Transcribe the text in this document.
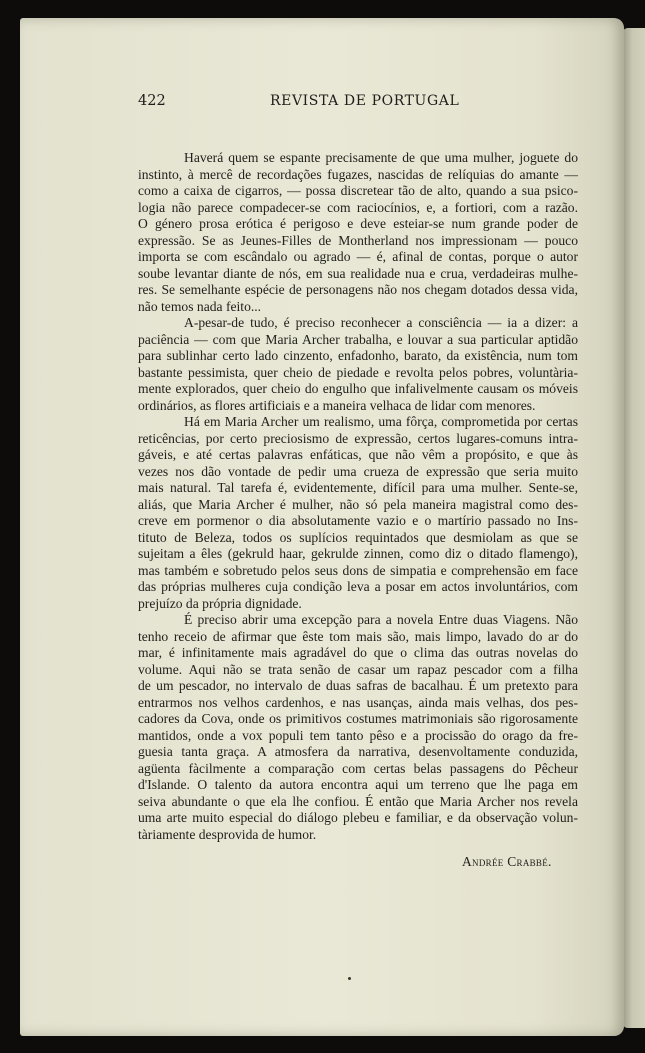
422	REVISTA DE PORTUGAL

Haverá quem se espante precisamente de que uma mulher, joguete do
instinto, à mercê de recordações fugazes, nascidas de relíquias do amante —
como a caixa de cigarros, — possa discretear tão de alto, quando a sua psico-
logia não parece compadecer-se com raciocínios, e, a fortiori, com a razão.
O género prosa erótica é perigoso e deve esteiar-se num grande poder de
expressão. Se as Jeunes-Filles de Montherland nos impressionam — pouco
importa se com escândalo ou agrado — é, afinal de contas, porque o autor
soube levantar diante de nós, em sua realidade nua e crua, verdadeiras mulhe-
res. Se semelhante espécie de personagens não nos chegam dotados dessa vida,
não temos nada feito...

A-pesar-de tudo, é preciso reconhecer a consciência — ia a dizer: a
paciência — com que Maria Archer trabalha, e louvar a sua particular aptidão
para sublinhar certo lado cinzento, enfadonho, barato, da existência, num tom
bastante pessimista, quer cheio de piedade e revolta pelos pobres, voluntària-
mente explorados, quer cheio do engulho que infalivelmente causam os móveis
ordinários, as flores artificiais e a maneira velhaca de lidar com menores.

Há em Maria Archer um realismo, uma fôrça, comprometida por certas
reticências, por certo preciosismo de expressão, certos lugares-comuns intra-
gáveis, e até certas palavras enfáticas, que não vêm a propósito, e que às
vezes nos dão vontade de pedir uma crueza de expressão que seria muito
mais natural. Tal tarefa é, evidentemente, difícil para uma mulher. Sente-se,
aliás, que Maria Archer é mulher, não só pela maneira magistral como des-
creve em pormenor o dia absolutamente vazio e o martírio passado no Ins-
tituto de Beleza, todos os suplícios requintados que desmiolam as que se
sujeitam a êles (gekruld haar, gekrulde zinnen, como diz o ditado flamengo),
mas também e sobretudo pelos seus dons de simpatia e comprehensão em face
das próprias mulheres cuja condição leva a posar em actos involuntários, com
prejuízo da própria dignidade.

É preciso abrir uma excepção para a novela Entre duas Viagens. Não
tenho receio de afirmar que êste tom mais são, mais limpo, lavado do ar do
mar, é infinitamente mais agradável do que o clima das outras novelas do
volume. Aqui não se trata senão de casar um rapaz pescador com a filha
de um pescador, no intervalo de duas safras de bacalhau. É um pretexto para
entrarmos nos velhos cardenhos, e nas usanças, ainda mais velhas, dos pes-
cadores da Cova, onde os primitivos costumes matrimoniais são rigorosamente
mantidos, onde a vox populi tem tanto pêso e a procissão do orago da fre-
guesia tanta graça. A atmosfera da narrativa, desenvoltamente conduzida,
agüenta fàcilmente a comparação com certas belas passagens do Pêcheur
d'Islande. O talento da autora encontra aqui um terreno que lhe paga em
seiva abundante o que ela lhe confiou. É então que Maria Archer nos revela
uma arte muito especial do diálogo plebeu e familiar, e da observação volun-
tàriamente desprovida de humor.

Andrée Crabbé.
